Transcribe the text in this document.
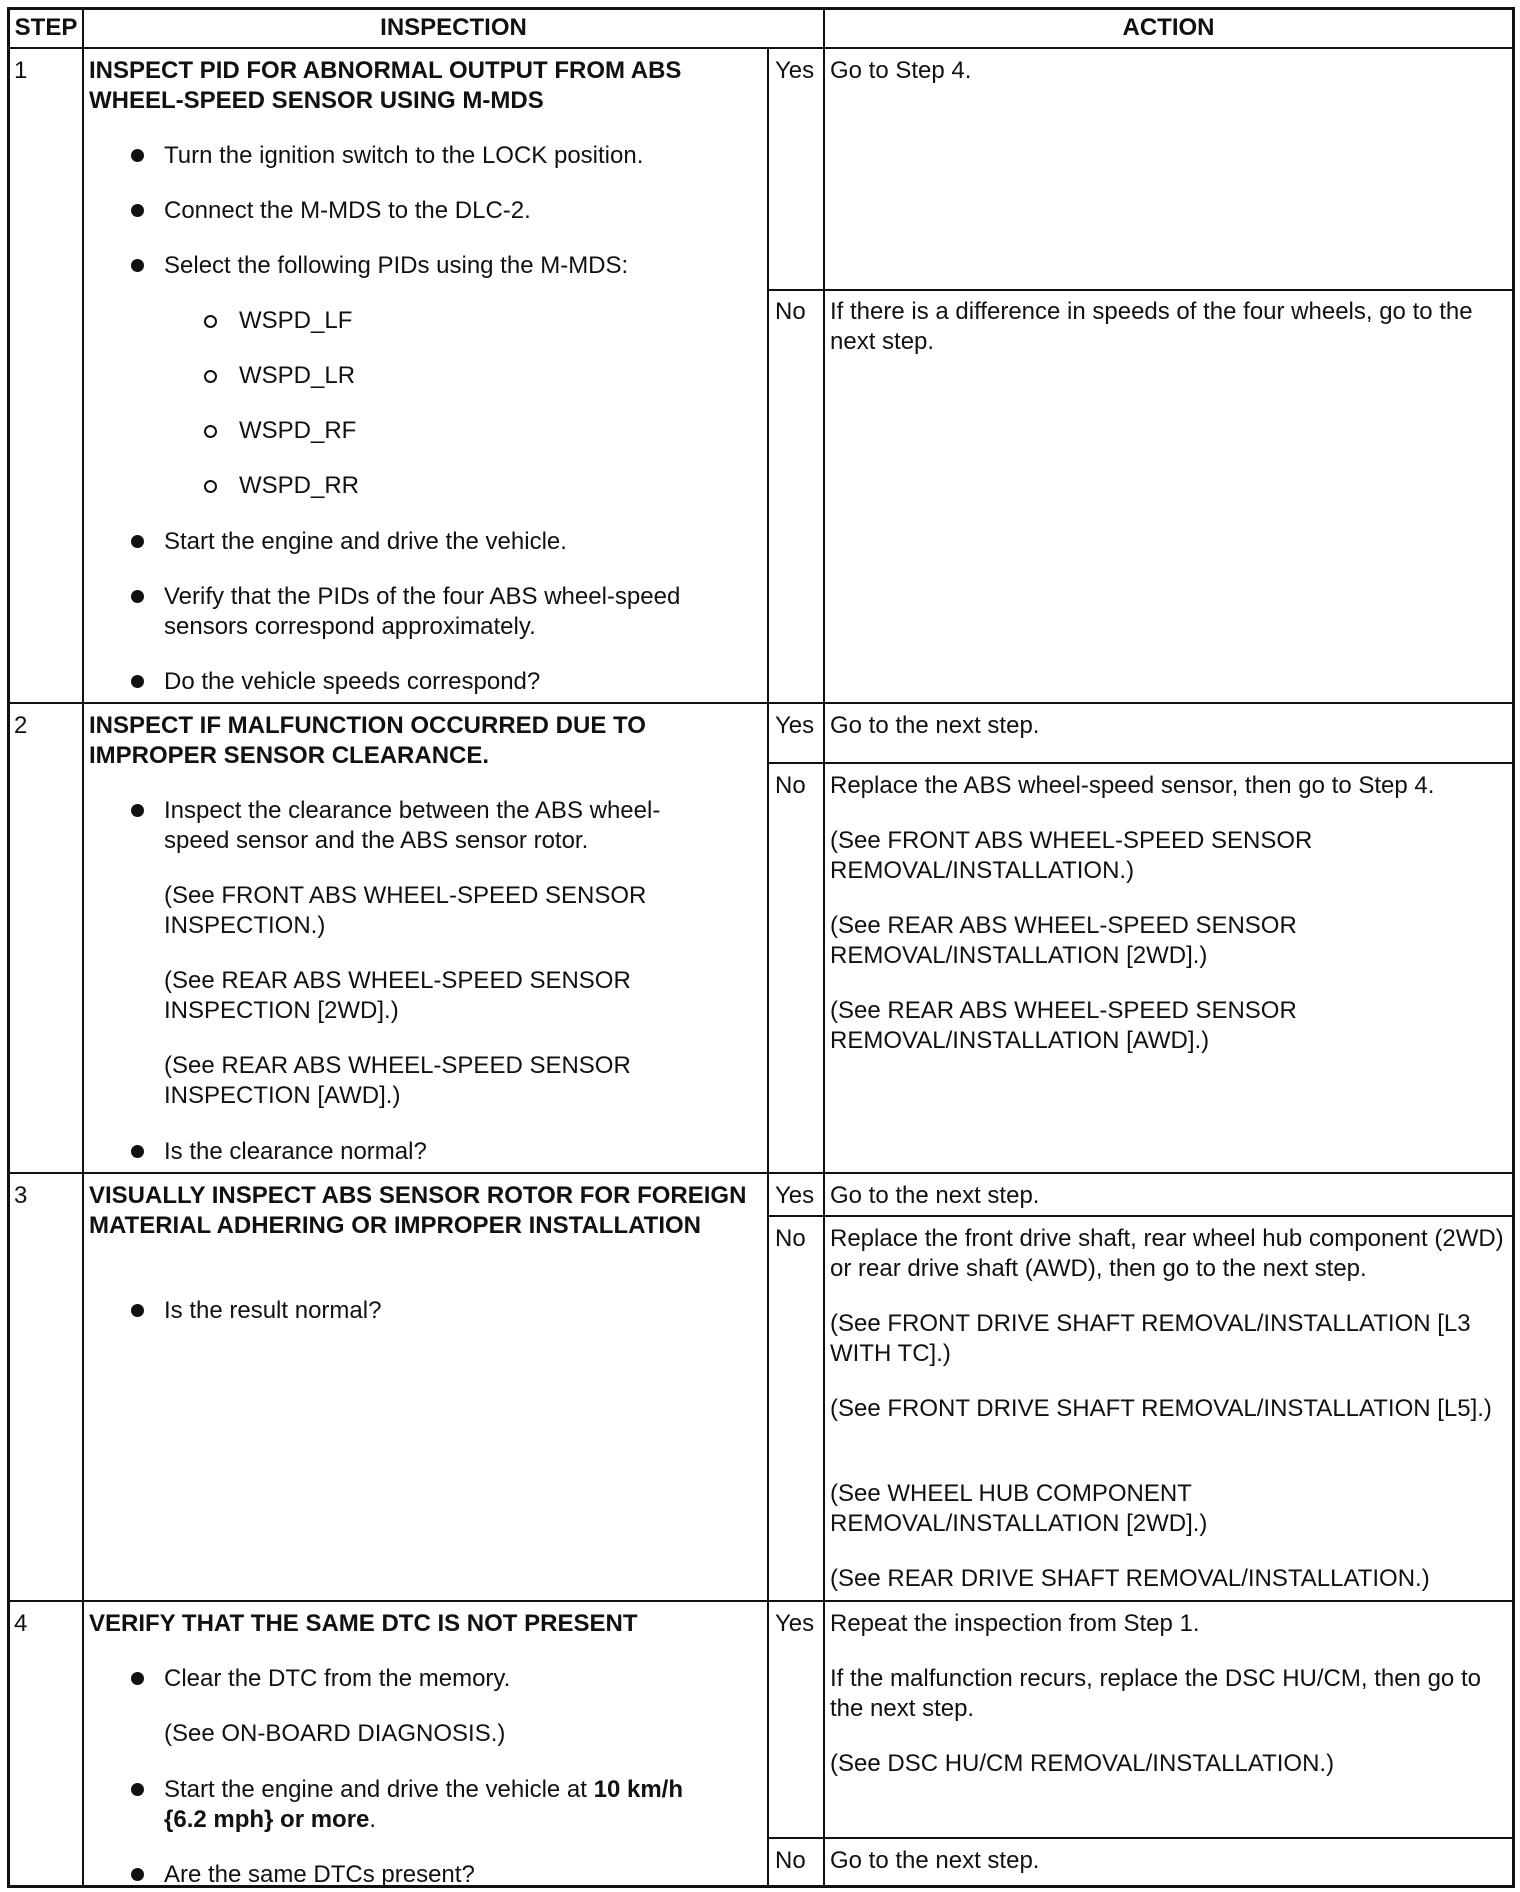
STEP	INSPECTION	ACTION
1	INSPECT PID FOR ABNORMAL OUTPUT FROM ABS WHEEL-SPEED SENSOR USING M-MDS
Turn the ignition switch to the LOCK position.
Connect the M-MDS to the DLC-2.
Select the following PIDs using the M-MDS:
WSPD_LF
WSPD_LR
WSPD_RF
WSPD_RR
Start the engine and drive the vehicle.
Verify that the PIDs of the four ABS wheel-speed sensors correspond approximately.
Do the vehicle speeds correspond?
Yes Go to Step 4.
No If there is a difference in speeds of the four wheels, go to the next step.
2	INSPECT IF MALFUNCTION OCCURRED DUE TO IMPROPER SENSOR CLEARANCE.
Inspect the clearance between the ABS wheel-speed sensor and the ABS sensor rotor.
(See FRONT ABS WHEEL-SPEED SENSOR INSPECTION.)
(See REAR ABS WHEEL-SPEED SENSOR INSPECTION [2WD].)
(See REAR ABS WHEEL-SPEED SENSOR INSPECTION [AWD].)
Is the clearance normal?
Yes Go to the next step.
No Replace the ABS wheel-speed sensor, then go to Step 4.
(See FRONT ABS WHEEL-SPEED SENSOR REMOVAL/INSTALLATION.)
(See REAR ABS WHEEL-SPEED SENSOR REMOVAL/INSTALLATION [2WD].)
(See REAR ABS WHEEL-SPEED SENSOR REMOVAL/INSTALLATION [AWD].)
3	VISUALLY INSPECT ABS SENSOR ROTOR FOR FOREIGN MATERIAL ADHERING OR IMPROPER INSTALLATION
Is the result normal?
Yes Go to the next step.
No Replace the front drive shaft, rear wheel hub component (2WD) or rear drive shaft (AWD), then go to the next step.
(See FRONT DRIVE SHAFT REMOVAL/INSTALLATION [L3 WITH TC].)
(See FRONT DRIVE SHAFT REMOVAL/INSTALLATION [L5].)
(See WHEEL HUB COMPONENT REMOVAL/INSTALLATION [2WD].)
(See REAR DRIVE SHAFT REMOVAL/INSTALLATION.)
4	VERIFY THAT THE SAME DTC IS NOT PRESENT
Clear the DTC from the memory.
(See ON-BOARD DIAGNOSIS.)
Start the engine and drive the vehicle at 10 km/h {6.2 mph} or more.
Are the same DTCs present?
Yes Repeat the inspection from Step 1.
If the malfunction recurs, replace the DSC HU/CM, then go to the next step.
(See DSC HU/CM REMOVAL/INSTALLATION.)
No Go to the next step.
